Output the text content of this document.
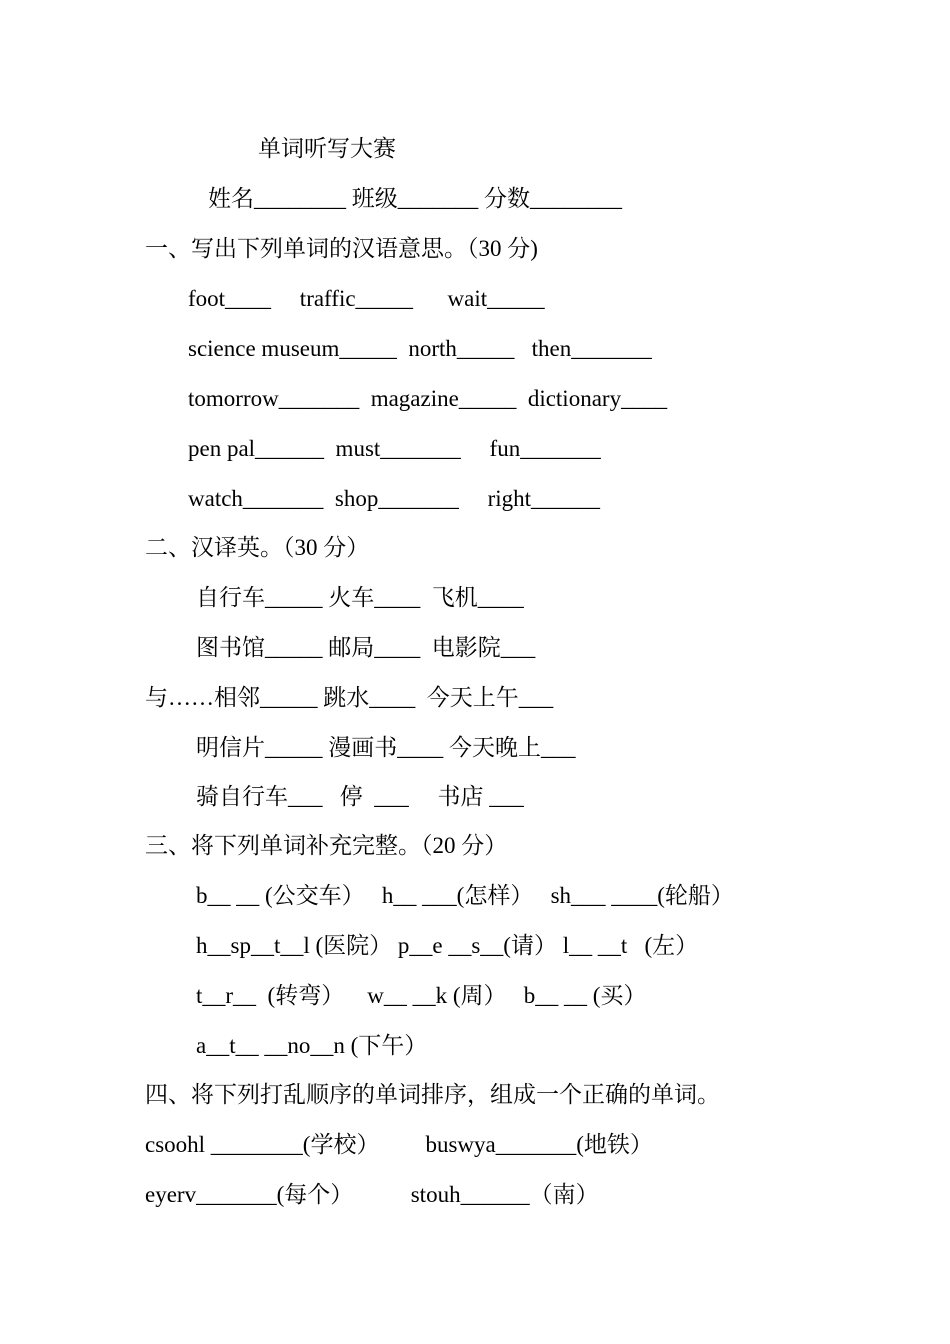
单词听写大赛
姓名________ 班级_______ 分数________
一、写出下列单词的汉语意思。（30 分)
foot____     traffic_____      wait_____
science museum_____  north_____   then_______
tomorrow_______  magazine_____  dictionary____
pen pal______  must_______     fun_______
watch_______  shop_______     right______
二、汉译英。（30 分）
自行车_____ 火车____  飞机____
图书馆_____ 邮局____  电影院___
与……相邻_____ 跳水____  今天上午___
明信片_____ 漫画书____ 今天晚上___
骑自行车___   停  ___     书店 ___
三、将下列单词补充完整。（20 分）
b__ __ (公交车）   h__ ___(怎样）   sh___ ____(轮船）
h__sp__t__l (医院） p__e __s__(请） l__ __t   (左）
t__r__  (转弯）    w__ __k (周）   b__ __ (买）
a__t__ __no__n (下午）
四、将下列打乱顺序的单词排序，组成一个正确的单词。
csoohl ________(学校）        buswya_______(地铁）
eyerv_______(每个）          stouh______（南）
